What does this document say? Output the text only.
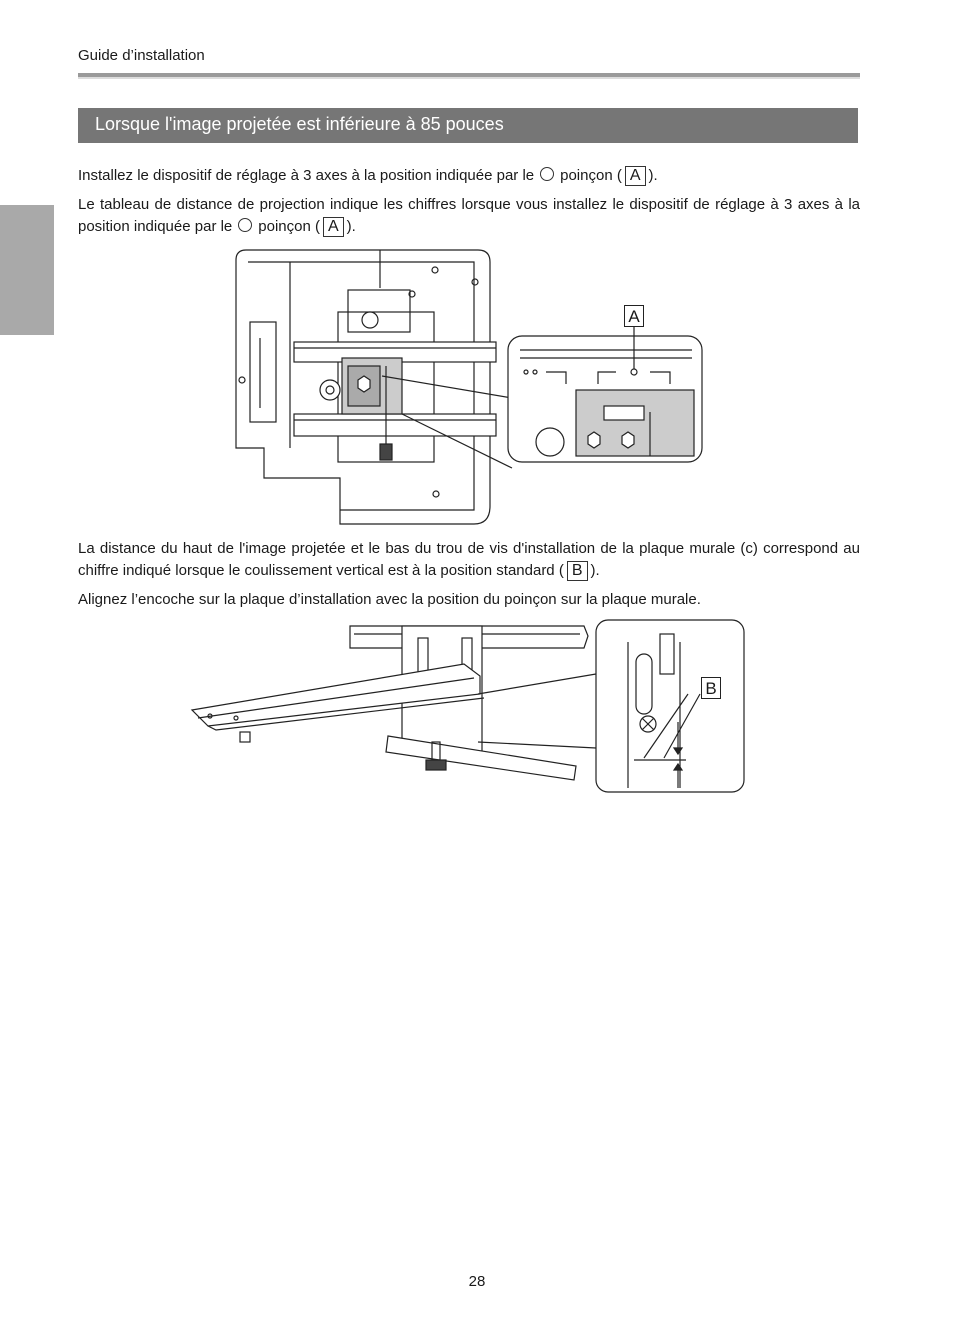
Guide d’installation
Lorsque l'image projetée est inférieure à 85 pouces
Installez le dispositif de réglage à 3 axes à la position indiquée par le ○ poinçon ( A ).
Le tableau de distance de projection indique les chiffres lorsque vous installez le dispositif de réglage à 3 axes à la position indiquée par le ○ poinçon ( A ).
A
La distance du haut de l'image projetée et le bas du trou de vis d'installation de la plaque murale (c) correspond au chiffre indiqué lorsque le coulissement vertical est à la position standard ( B ).
Alignez l’encoche sur la plaque d’installation avec la position du poinçon sur la plaque murale.
B
28
